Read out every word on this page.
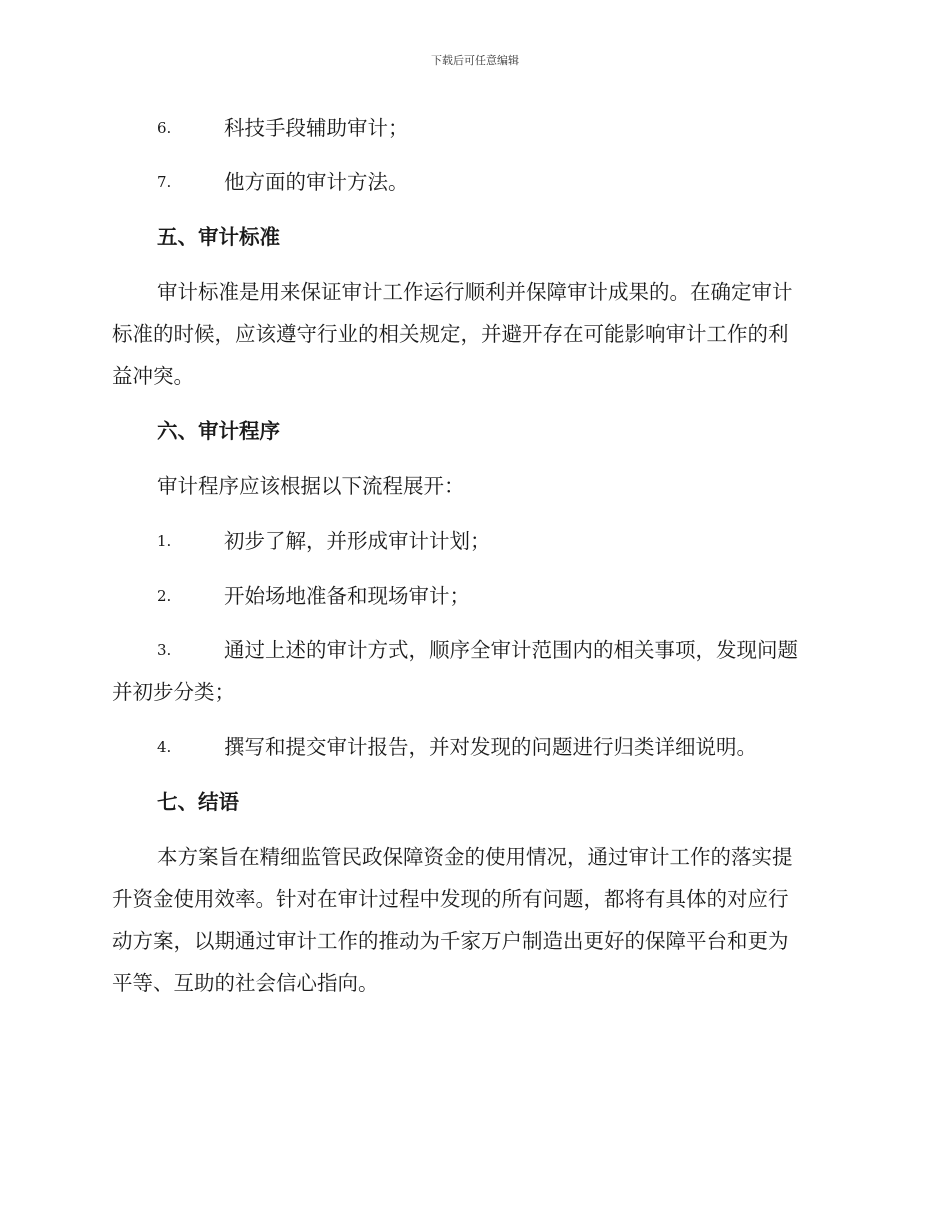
下载后可任意编辑
6.	科技手段辅助审计；
7.	他方面的审计方法。
五、审计标准
审计标准是用来保证审计工作运行顺利并保障审计成果的。在确定审计
标准的时候，应该遵守行业的相关规定，并避开存在可能影响审计工作的利
益冲突。
六、审计程序
审计程序应该根据以下流程展开：
1.	初步了解，并形成审计计划；
2.	开始场地准备和现场审计；
3.	通过上述的审计方式，顺序全审计范围内的相关事项，发现问题
并初步分类；
4.	撰写和提交审计报告，并对发现的问题进行归类详细说明。
七、结语
本方案旨在精细监管民政保障资金的使用情况，通过审计工作的落实提
升资金使用效率。针对在审计过程中发现的所有问题，都将有具体的对应行
动方案，以期通过审计工作的推动为千家万户制造出更好的保障平台和更为
平等、互助的社会信心指向。
